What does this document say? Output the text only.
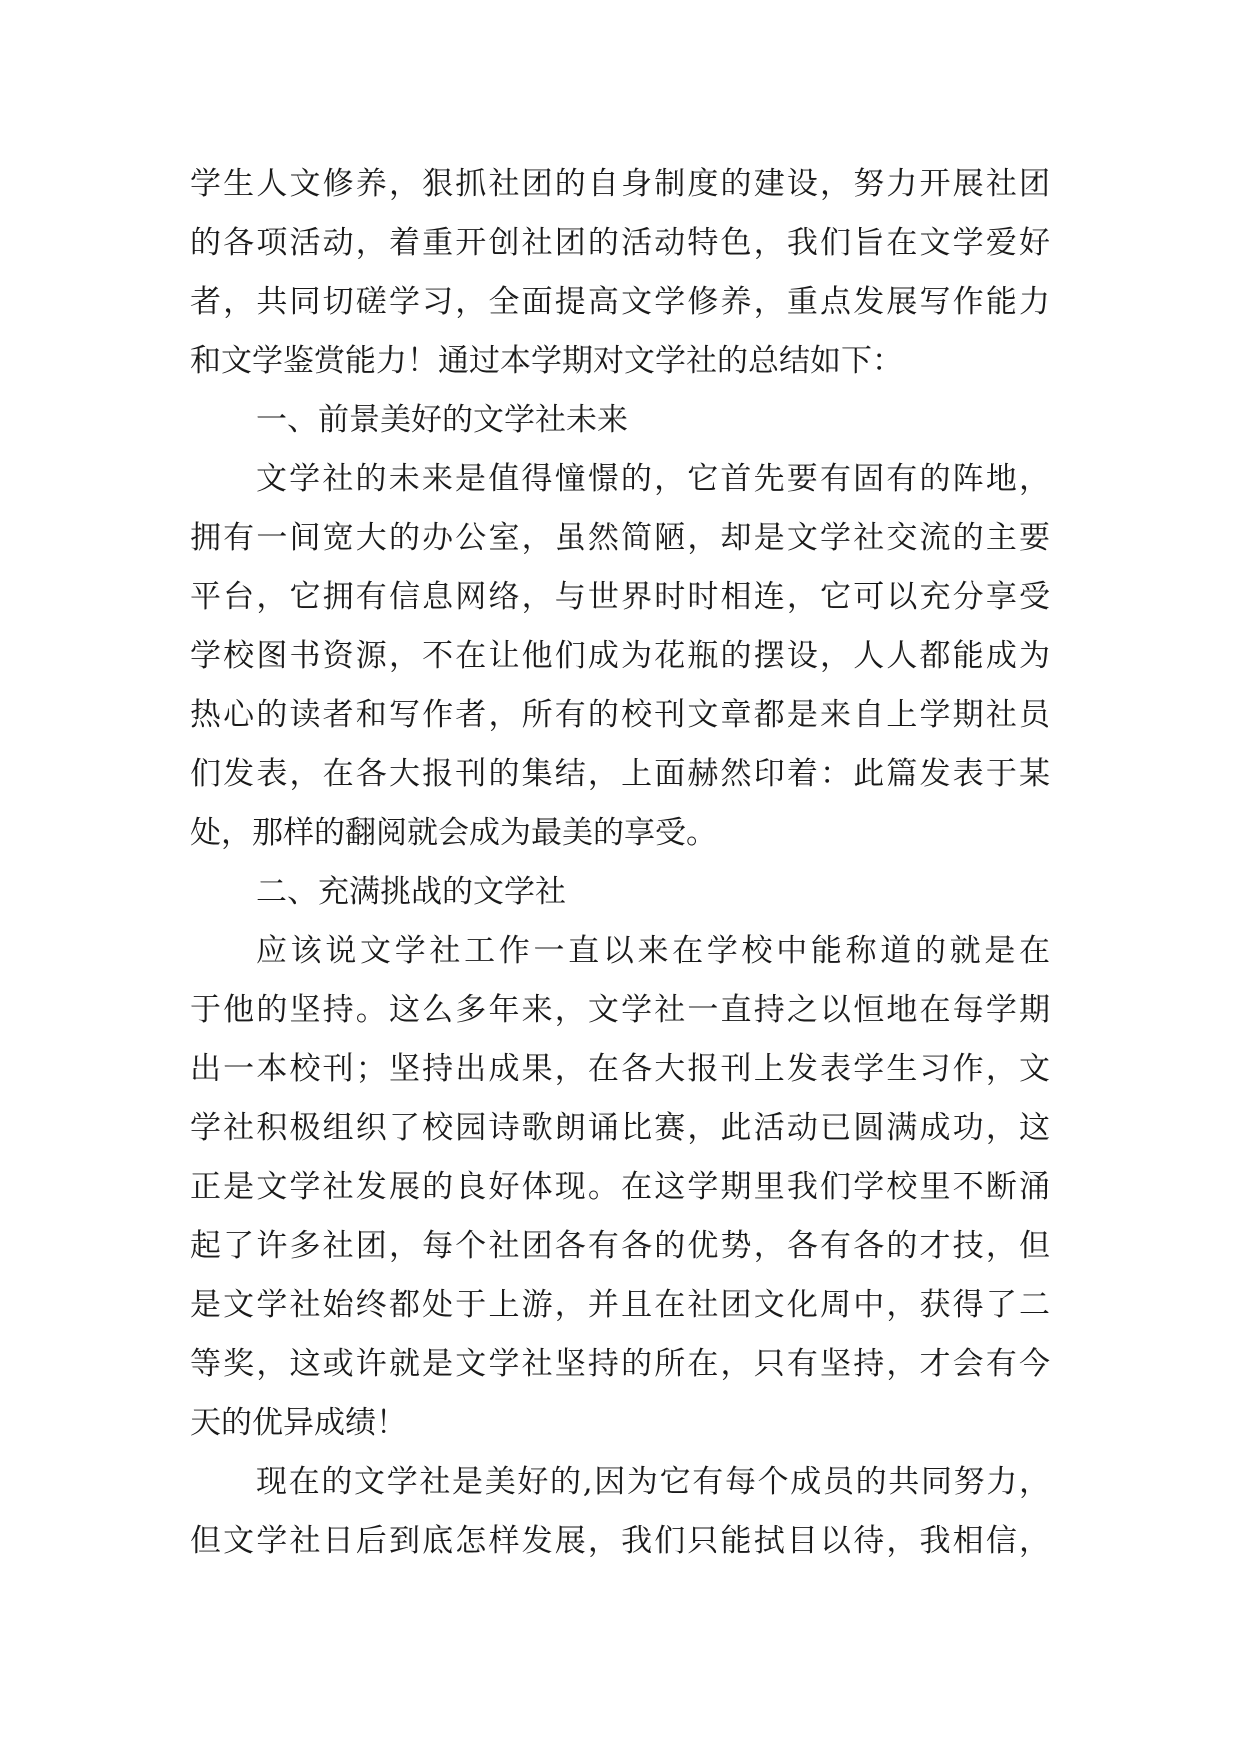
学生人文修养，狠抓社团的自身制度的建设，努力开展社团
的各项活动，着重开创社团的活动特色，我们旨在文学爱好
者，共同切磋学习，全面提高文学修养，重点发展写作能力
和文学鉴赏能力！通过本学期对文学社的总结如下：
一、前景美好的文学社未来
文学社的未来是值得憧憬的，它首先要有固有的阵地，
拥有一间宽大的办公室，虽然简陋，却是文学社交流的主要
平台，它拥有信息网络，与世界时时相连，它可以充分享受
学校图书资源，不在让他们成为花瓶的摆设，人人都能成为
热心的读者和写作者，所有的校刊文章都是来自上学期社员
们发表，在各大报刊的集结，上面赫然印着：此篇发表于某
处，那样的翻阅就会成为最美的享受。
二、充满挑战的文学社
应该说文学社工作一直以来在学校中能称道的就是在
于他的坚持。这么多年来，文学社一直持之以恒地在每学期
出一本校刊；坚持出成果，在各大报刊上发表学生习作，文
学社积极组织了校园诗歌朗诵比赛，此活动已圆满成功，这
正是文学社发展的良好体现。在这学期里我们学校里不断涌
起了许多社团，每个社团各有各的优势，各有各的才技，但
是文学社始终都处于上游，并且在社团文化周中，获得了二
等奖，这或许就是文学社坚持的所在，只有坚持，才会有今
天的优异成绩！
现在的文学社是美好的,因为它有每个成员的共同努力，
但文学社日后到底怎样发展，我们只能拭目以待，我相信，
